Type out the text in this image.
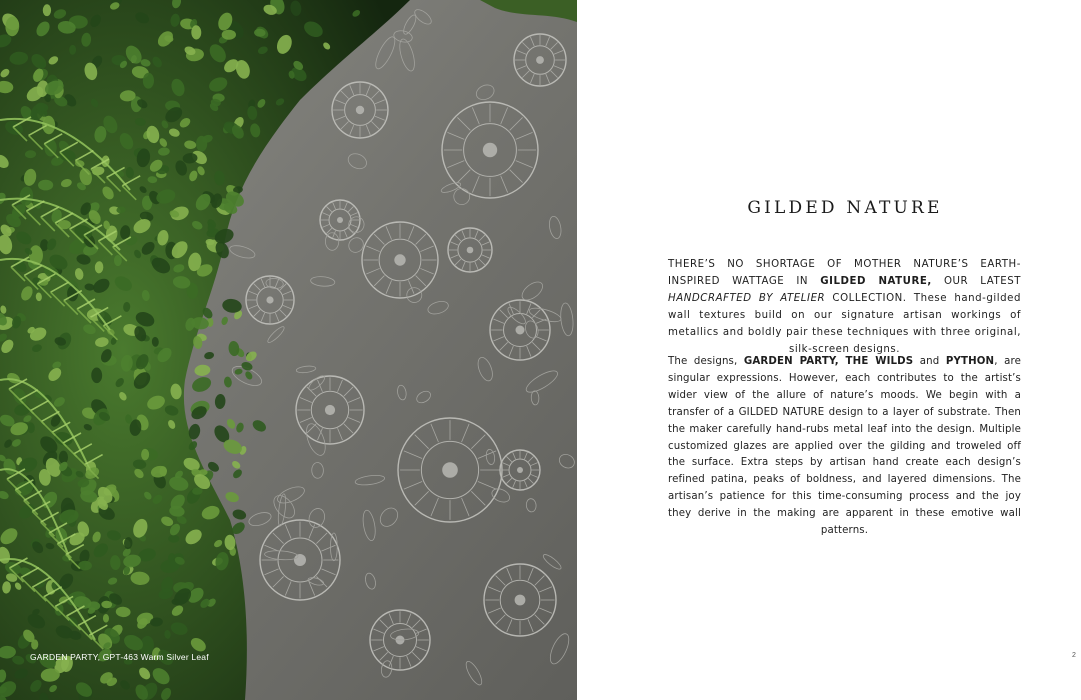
GARDEN PARTY, GPT-463 Warm Silver Leaf
GILDED NATURE

THERE’S NO SHORTAGE OF MOTHER NATURE’S EARTH-INSPIRED WATTAGE IN GILDED NATURE, OUR LATEST HANDCRAFTED BY ATELIER COLLECTION. These hand-gilded wall textures build on our signature artisan workings of metallics and boldly pair these techniques with three original, silk-screen designs.

The designs, GARDEN PARTY, THE WILDS and PYTHON, are singular expressions. However, each contributes to the artist’s wider view of the allure of nature’s moods. We begin with a transfer of a GILDED NATURE design to a layer of substrate. Then the maker carefully hand-rubs metal leaf into the design. Multiple customized glazes are applied over the gilding and troweled off the surface. Extra steps by artisan hand create each design’s refined patina, peaks of boldness, and layered dimensions. The artisan’s patience for this time-consuming process and the joy they derive in the making are apparent in these emotive wall patterns.

2
